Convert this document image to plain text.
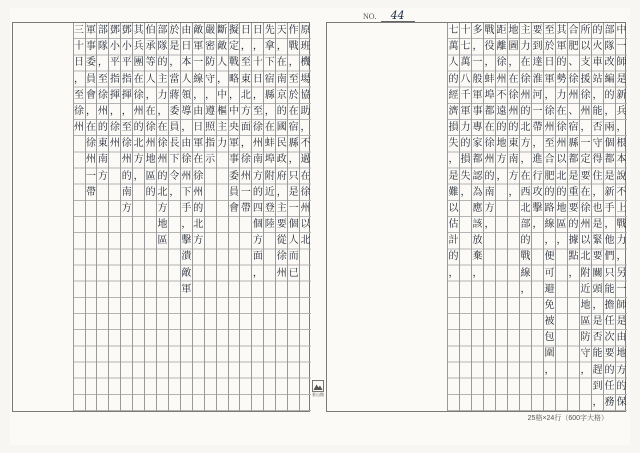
NO. 44
中
一
師
是
新
兵
，
根
本
說
不
上
戰
力
，
另
一
師
是
由
地
方
的
保
部
隊
改
編
的
，
兩
個
都
是
新
手
，
他
們
只
能
擔
任
次
要
的
任
務
的
火
車
站
，
能
否
守
得
住
，
也
是
緊
要
關
頭
，
是
否
能
趕
到
，
所
以
支
援
徐
州
，
一
定
要
在
徐
州
以
北
附
近
地
區
防
守
，
合
肥
、
徐
州
、
宿
縣
都
是
重
要
的
據
點
，
其
軍
的
勢
力
在
徐
州
以
北
的
地
區
，
至
於
日
軍
，
徐
州
至
合
肥
的
路
線
，
便
可
避
免
被
包
圍
，
要
到
達
淮
河
一
帶
，
進
行
攻
擊
，
主
力
在
徐
州
的
北
方
，
在
西
北
部
的
戰
線
，
地
圖
，
在
徐
州
的
東
南
方
，
距
離
徐
州
不
遠
的
地
方
，
戰
役
，
蚌
埠
都
在
徐
州
的
南
方
，
多
，
一
般
軍
事
專
家
都
認
為
應
該
放
棄
，
十
七
萬
八
千
軍
力
的
損
失
，
七
萬
人
的
經
濟
損
失
，
是
難
以
估
計
的
，
原
班
機
場
協
助
，
不
過
在
徐
州
以
北
作
戰
，
至
於
在
宿
縣
，
只
是
一
個
人
而
已
天
，
在
南
京
的
國
民
政
府
，
主
要
從
徐
州
先
拿
下
宿
縣
，
在
蚌
埠
附
近
登
陸
日
，
十
日
，
至
徐
州
南
方
的
四
個
方
面
，
日
，
至
東
北
方
面
，
徐
州
一
帶
擬
定
戰
略
，
中
央
軍
事
委
員
會
斷
敵
人
，
中
樞
主
力
嚴
密
防
守
，
遵
照
指
示
敵
軍
一
線
，
由
日
軍
在
徐
州
的
北
方
由
日
本
人
領
導
，
由
徐
州
下
手
，
擊
潰
敵
軍
於
是
，
當
蔣
委
員
長
下
令
，
部
隊
的
主
力
，
在
徐
州
的
北
方
地
區
伯
承
等
人
，
在
徐
州
地
區
的
其
兵
團
在
徐
州
的
北
方
，
鄧
小
平
指
揮
，
至
徐
州
的
南
方
鄧
小
平
指
揮
，
徐
州
部
隊
，
至
徐
州
的
東
南
方
軍
事
委
員
會
，
在
徐
州
一
帶
三
十
日
，
至
徐
州
景山館
25格×24行（600字大格）
